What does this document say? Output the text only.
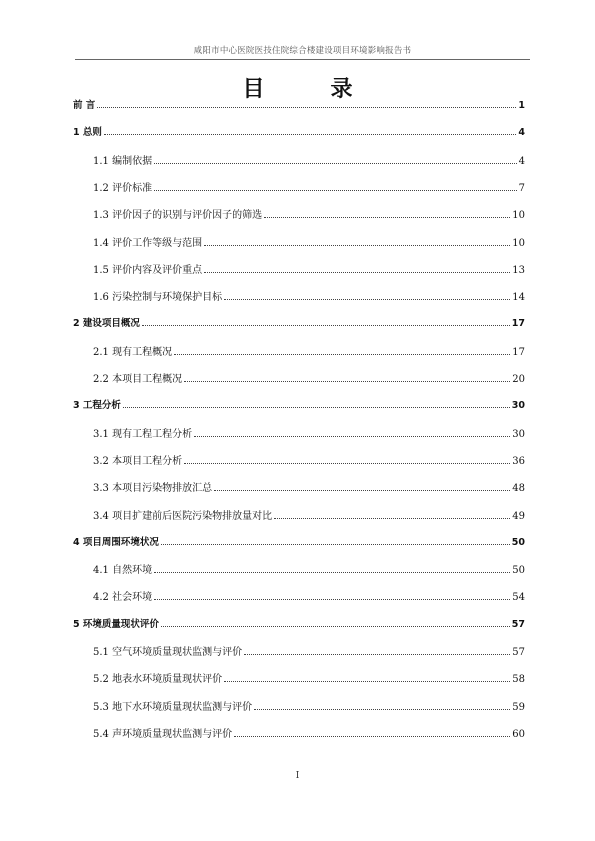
咸阳市中心医院医技住院综合楼建设项目环境影响报告书
目　录
前 言	1
1 总则	4
1.1 编制依据	4
1.2 评价标准	7
1.3 评价因子的识别与评价因子的筛选	10
1.4 评价工作等级与范围	10
1.5 评价内容及评价重点	13
1.6 污染控制与环境保护目标	14
2 建设项目概况	17
2.1 现有工程概况	17
2.2 本项目工程概况	20
3 工程分析	30
3.1 现有工程工程分析	30
3.2 本项目工程分析	36
3.3 本项目污染物排放汇总	48
3.4 项目扩建前后医院污染物排放量对比	49
4 项目周围环境状况	50
4.1 自然环境	50
4.2 社会环境	54
5 环境质量现状评价	57
5.1 空气环境质量现状监测与评价	57
5.2 地表水环境质量现状评价	58
5.3 地下水环境质量现状监测与评价	59
5.4 声环境质量现状监测与评价	60
I
